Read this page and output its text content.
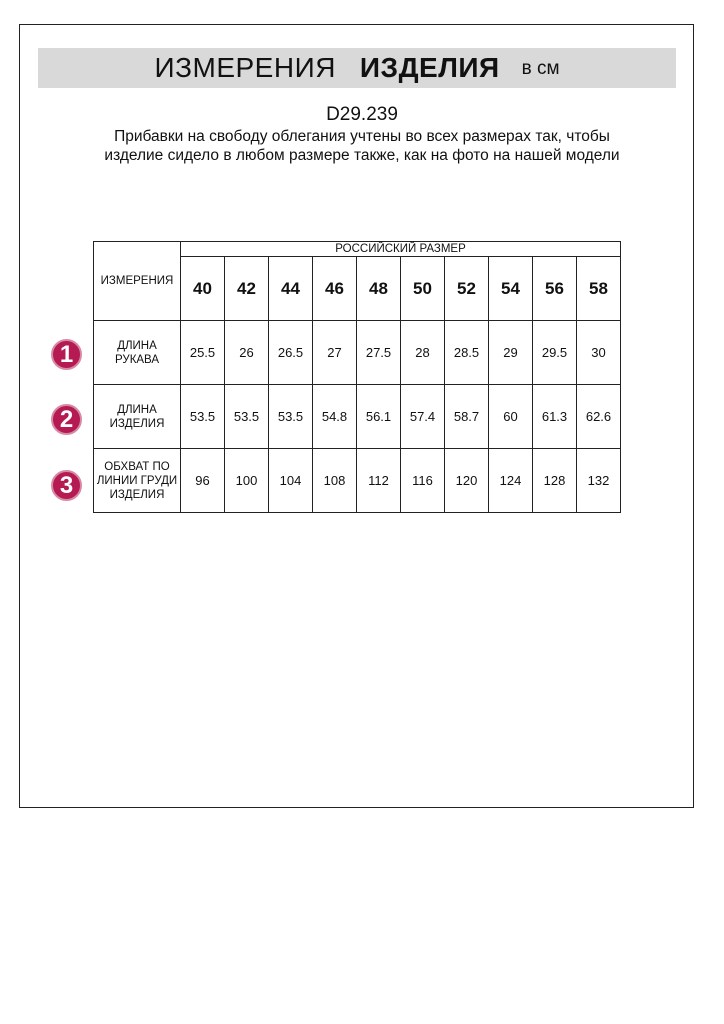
ИЗМЕРЕНИЯ ИЗДЕЛИЯ в см
D29.239
Прибавки на свободу облегания учтены во всех размерах так, чтобы изделие сидело в любом размере также, как на фото на нашей модели
ИЗМЕРЕНИЯ	РОССИЙСКИЙ РАЗМЕР									
	40	42	44	46	48	50	52	54	56	58
ДЛИНА РУКАВА	25.5	26	26.5	27	27.5	28	28.5	29	29.5	30
ДЛИНА ИЗДЕЛИЯ	53.5	53.5	53.5	54.8	56.1	57.4	58.7	60	61.3	62.6
ОБХВАТ ПО ЛИНИИ ГРУДИ ИЗДЕЛИЯ	96	100	104	108	112	116	120	124	128	132
1
2
3
